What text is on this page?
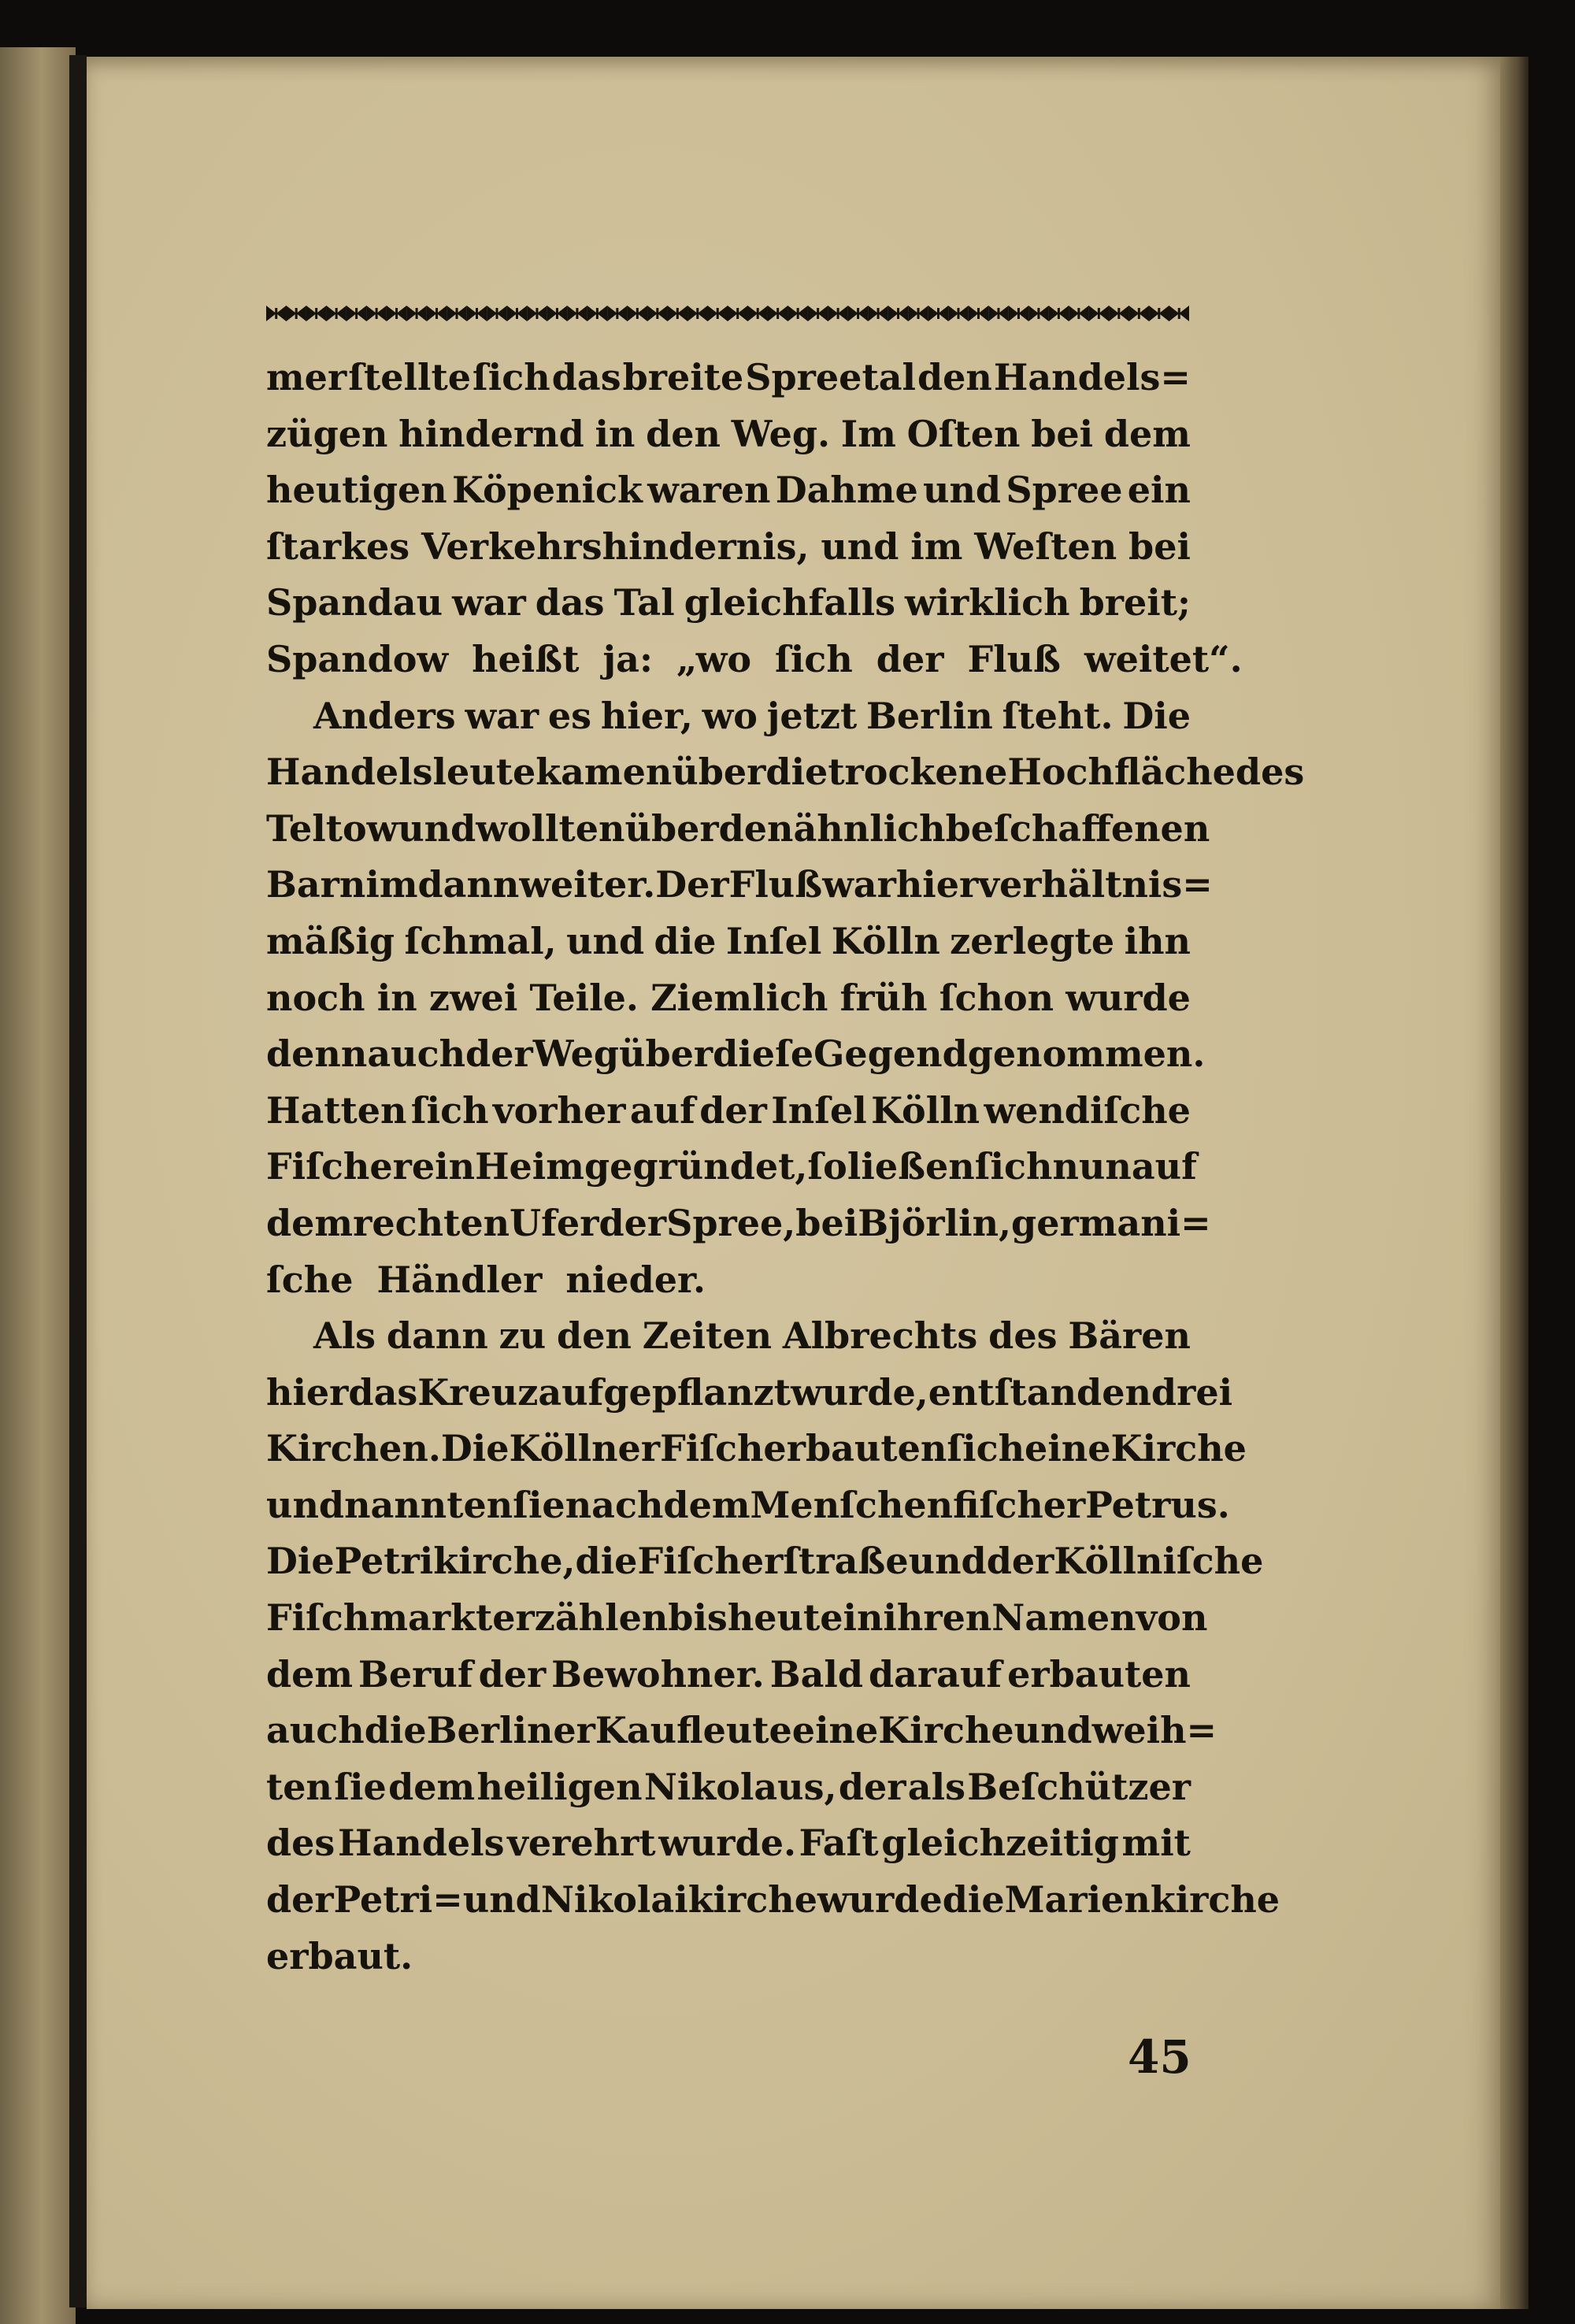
mer ſtellte ſich das breite Spreetal den Handels=
zügen hindernd in den Weg. Im Oſten bei dem
heutigen Köpenick waren Dahme und Spree ein
ſtarkes Verkehrshindernis, und im Weſten bei
Spandau war das Tal gleichfalls wirklich breit;
Spandow heißt ja: „wo ſich der Fluß weitet“.
Anders war es hier, wo jetzt Berlin ſteht. Die
Handelsleute kamen über die trockene Hochfläche des
Teltow und wollten über den ähnlich beſchaffenen
Barnim dann weiter. Der Fluß war hier verhältnis=
mäßig ſchmal, und die Inſel Kölln zerlegte ihn
noch in zwei Teile. Ziemlich früh ſchon wurde
denn auch der Weg über dieſe Gegend genommen.
Hatten ſich vorher auf der Inſel Kölln wendiſche
Fiſcher ein Heim gegründet, ſo ließen ſich nun auf
dem rechten Ufer der Spree, bei Björlin, germani=
ſche Händler nieder.
Als dann zu den Zeiten Albrechts des Bären
hier das Kreuz aufgepflanzt wurde, entſtanden drei
Kirchen. Die Köllner Fiſcher bauten ſich eine Kirche
und nannten ſie nach dem Menſchenfiſcher Petrus.
Die Petrikirche, die Fiſcherſtraße und der Köllniſche
Fiſchmarkt erzählen bis heute in ihren Namen von
dem Beruf der Bewohner. Bald darauf erbauten
auch die Berliner Kaufleute eine Kirche und weih=
ten ſie dem heiligen Nikolaus, der als Beſchützer
des Handels verehrt wurde. Faſt gleichzeitig mit
der Petri= und Nikolaikirche wurde die Marienkirche
erbaut.
45
